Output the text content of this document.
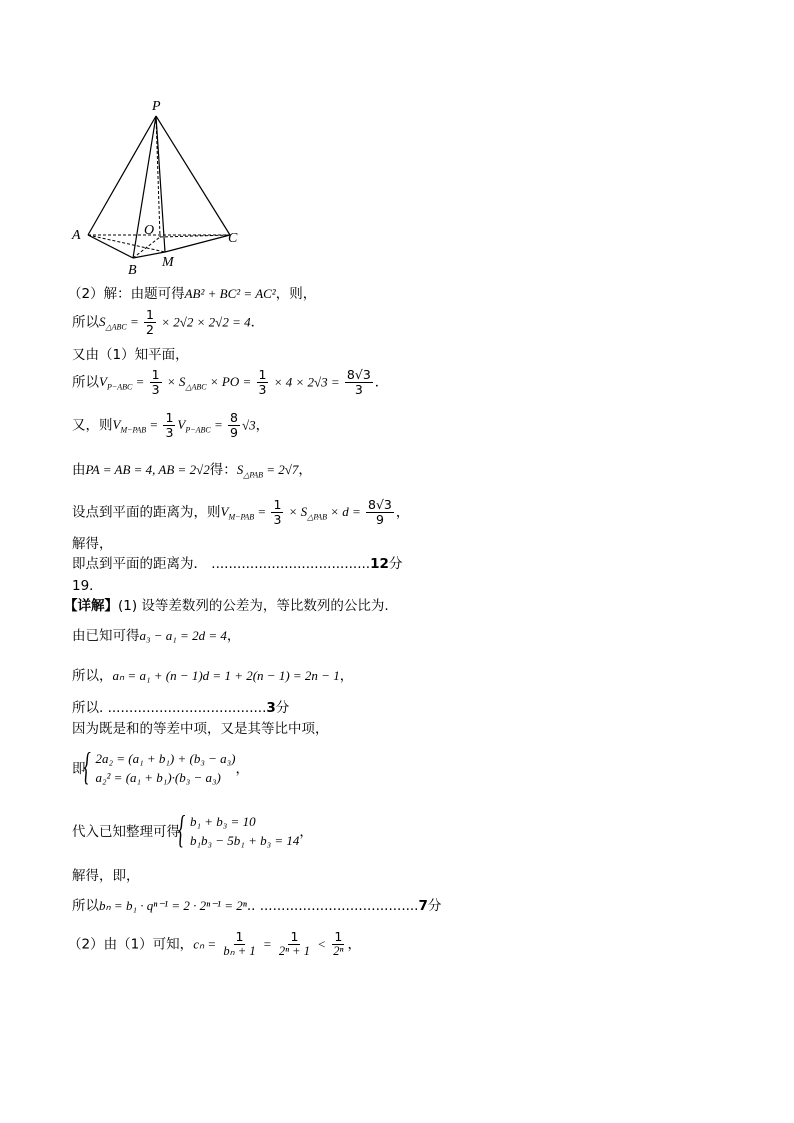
P
A
B
C
O
M
（2）解：由题可得AB² + BC² = AC²，则，
所以$S_{\triangle ABC} = \frac{1}{2} \times 2√2 \times 2√2 = 4$．
又由（1）知平面，
所以$V_{P-ABC} = \frac{1}{3} \times S_{\triangle ABC}$ × PO = $\frac{1}{3} \times 4 \times 2√3 = \frac{8√3}{3}$ ．
又，则$V_{M-PAB} = \frac{1}{3} V_{P-ABC} = \frac{8}{9} √3$，
由PA = AB = 4, AB = 2√2得：$S_{\triangle PAB} = 2√7$，
设点到平面的距离为，则$V_{M-PAB} = \frac{1}{3} \times S_{\triangle PAB} \times d = \frac{8√3}{9}$ ，
解得，
即点到平面的距离为． .....................................12分
19．
【详解】(1) 设等差数列的公差为，等比数列的公比为.
由已知可得a₃ − a₁ = 2d = 4，
所以，aₙ = a₁ + (n − 1)d = 1 + 2(n − 1) = 2n − 1，
所以. .....................................3分
因为既是和的等差中项，又是其等比中项，
即
{ 2a₂ = (a₁ + b₁) + (b₃ − a₃)
a₂² = (a₁ + b₁)·(b₃ − a₃)
，
代入已知整理可得
{ b₁ + b₃ = 10
b₁b₃ − 5b₁ + b₃ = 14
，
解得，即，
所以bₙ = b₁ · qⁿ⁻¹ = 2 · 2ⁿ⁻¹ = 2ⁿ.. .....................................7分
（2）由（1）可知，$c_n = \frac{1}{\text{bₙ + 1}} = \frac{1}{\text{2ⁿ + 1}} < \frac{1}{\text{2ⁿ}}$ ，
